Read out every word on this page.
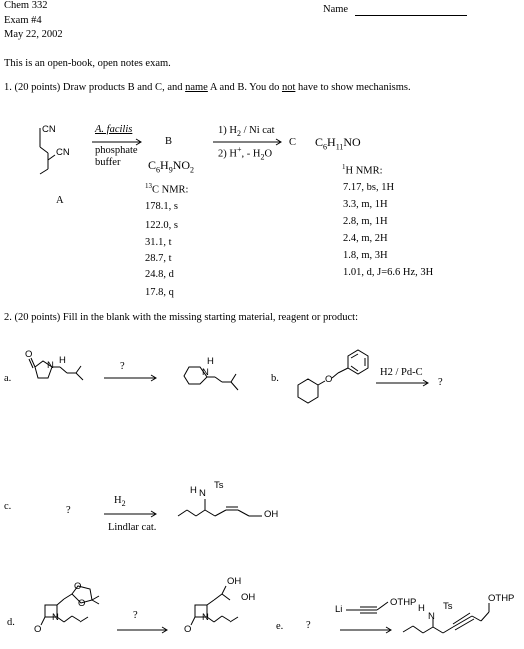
Chem 332
Exam #4
May 22, 2002
Name
This is an open-book, open notes exam.
1. (20 points) Draw products B and C, and name A and B. You do not have to show mechanisms.
CN
CN
A
A. facilis
phosphate
buffer
B
$C_6H_9NO_2$
1) $H_2$ / Ni cat
2) H+, - $H_2O$
C $C_6H_{11}NO$
$^{13}$C NMR:
178.1, s
122.0, s
31.1, t
28.7, t
24.8, d
17.8, q
$^1$H NMR:
7.17, bs, 1H
3.3, m, 1H
2.8, m, 1H
2.4, m, 2H
1.8, m, 3H
1.01, d, J=6.6 Hz, 3H
2. (20 points) Fill in the blank with the missing starting material, reagent or product:
a.
O
N H
?	H
N
b.	O
H2 / Pd-C
?
c.	?
$H_2$
Lindlar cat.
H N
Ts
OH
d.
O
N
O
O
?
O
N
OH
OH
e. ?
Li
OTHP
H
N
Ts
OTHP
